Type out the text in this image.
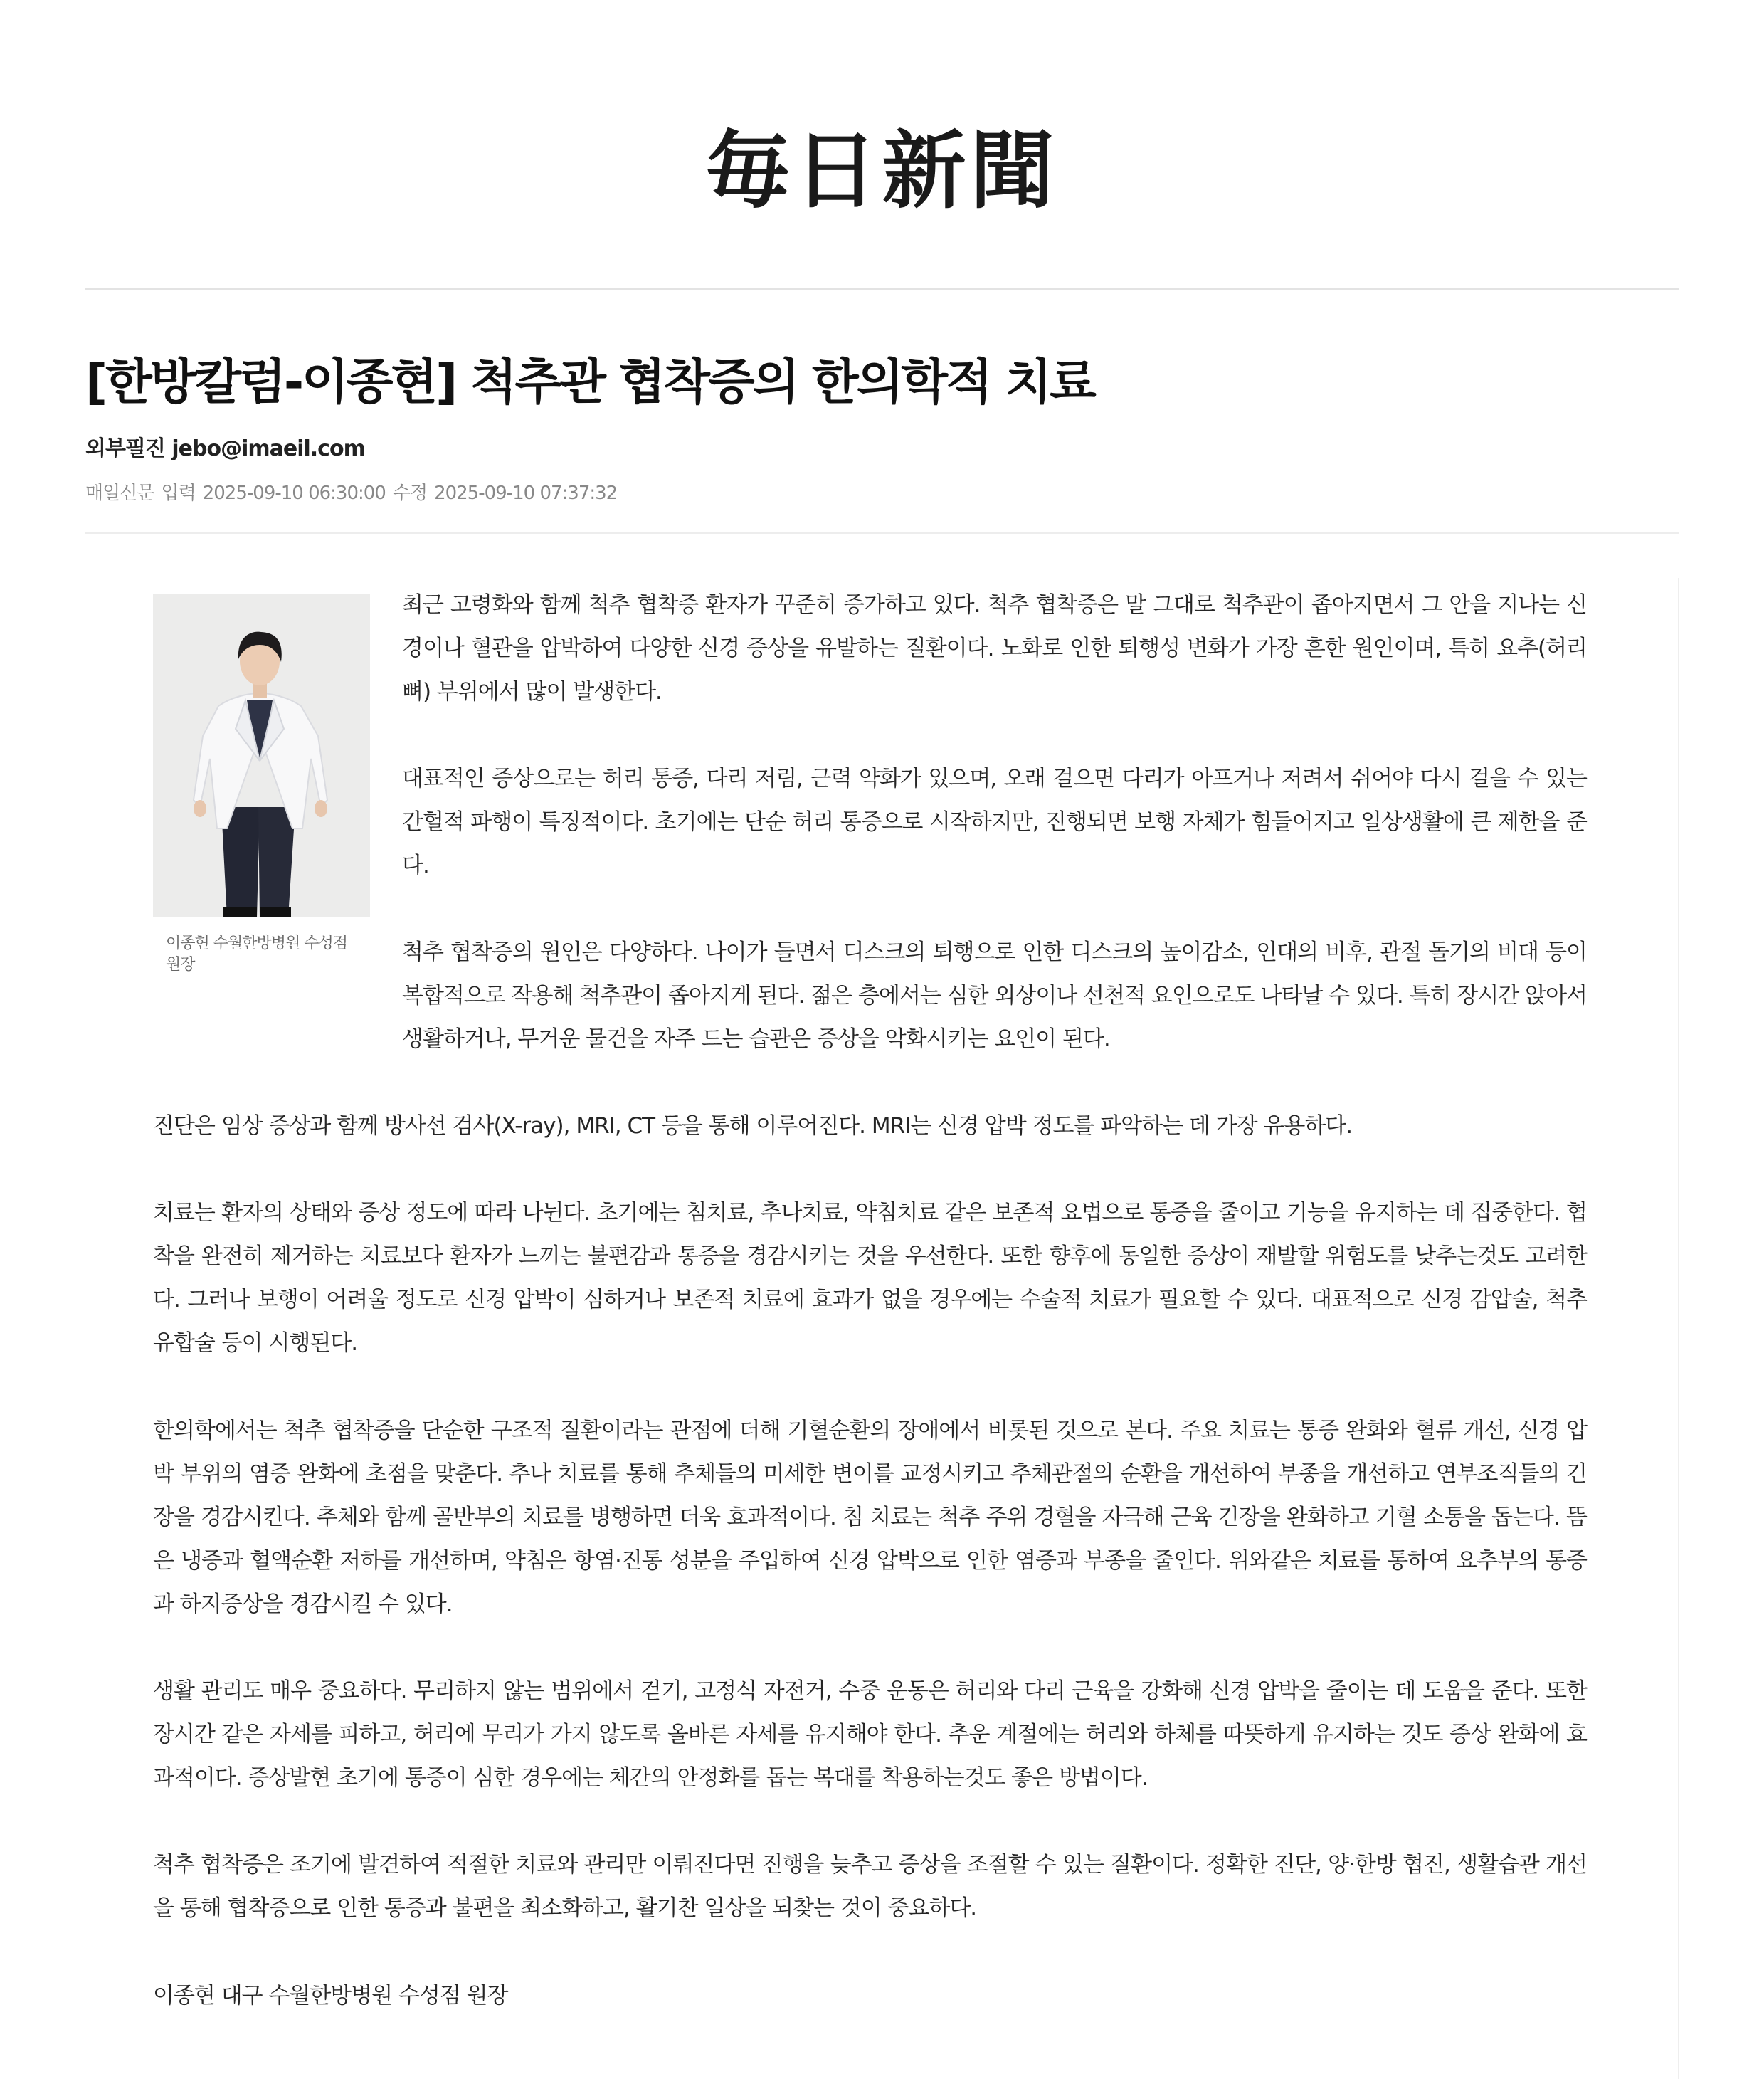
毎日新聞
[한방칼럼-이종현] 척추관 협착증의 한의학적 치료
외부필진 jebo@imaeil.com
매일신문 입력 2025-09-10 06:30:00 수정 2025-09-10 07:37:32
이종현 수월한방병원 수성점 원장

최근 고령화와 함께 척추 협착증 환자가 꾸준히 증가하고 있다. 척추 협착증은 말 그대로 척추관이 좁아지면서 그 안을 지나는 신경이나 혈관을 압박하여 다양한 신경 증상을 유발하는 질환이다. 노화로 인한 퇴행성 변화가 가장 흔한 원인이며, 특히 요추(허리뼈) 부위에서 많이 발생한다.

대표적인 증상으로는 허리 통증, 다리 저림, 근력 약화가 있으며, 오래 걸으면 다리가 아프거나 저려서 쉬어야 다시 걸을 수 있는 간헐적 파행이 특징적이다. 초기에는 단순 허리 통증으로 시작하지만, 진행되면 보행 자체가 힘들어지고 일상생활에 큰 제한을 준다.

척추 협착증의 원인은 다양하다. 나이가 들면서 디스크의 퇴행으로 인한 디스크의 높이감소, 인대의 비후, 관절 돌기의 비대 등이 복합적으로 작용해 척추관이 좁아지게 된다. 젊은 층에서는 심한 외상이나 선천적 요인으로도 나타날 수 있다. 특히 장시간 앉아서 생활하거나, 무거운 물건을 자주 드는 습관은 증상을 악화시키는 요인이 된다.

진단은 임상 증상과 함께 방사선 검사(X-ray), MRI, CT 등을 통해 이루어진다. MRI는 신경 압박 정도를 파악하는 데 가장 유용하다.

치료는 환자의 상태와 증상 정도에 따라 나뉜다. 초기에는 침치료, 추나치료, 약침치료 같은 보존적 요법으로 통증을 줄이고 기능을 유지하는 데 집중한다. 협착을 완전히 제거하는 치료보다 환자가 느끼는 불편감과 통증을 경감시키는 것을 우선한다. 또한 향후에 동일한 증상이 재발할 위험도를 낮추는것도 고려한다. 그러나 보행이 어려울 정도로 신경 압박이 심하거나 보존적 치료에 효과가 없을 경우에는 수술적 치료가 필요할 수 있다. 대표적으로 신경 감압술, 척추 유합술 등이 시행된다.

한의학에서는 척추 협착증을 단순한 구조적 질환이라는 관점에 더해 기혈순환의 장애에서 비롯된 것으로 본다. 주요 치료는 통증 완화와 혈류 개선, 신경 압박 부위의 염증 완화에 초점을 맞춘다. 추나 치료를 통해 추체들의 미세한 변이를 교정시키고 추체관절의 순환을 개선하여 부종을 개선하고 연부조직들의 긴장을 경감시킨다. 추체와 함께 골반부의 치료를 병행하면 더욱 효과적이다. 침 치료는 척추 주위 경혈을 자극해 근육 긴장을 완화하고 기혈 소통을 돕는다. 뜸은 냉증과 혈액순환 저하를 개선하며, 약침은 항염·진통 성분을 주입하여 신경 압박으로 인한 염증과 부종을 줄인다. 위와같은 치료를 통하여 요추부의 통증과 하지증상을 경감시킬 수 있다.

생활 관리도 매우 중요하다. 무리하지 않는 범위에서 걷기, 고정식 자전거, 수중 운동은 허리와 다리 근육을 강화해 신경 압박을 줄이는 데 도움을 준다. 또한 장시간 같은 자세를 피하고, 허리에 무리가 가지 않도록 올바른 자세를 유지해야 한다. 추운 계절에는 허리와 하체를 따뜻하게 유지하는 것도 증상 완화에 효과적이다. 증상발현 초기에 통증이 심한 경우에는 체간의 안정화를 돕는 복대를 착용하는것도 좋은 방법이다.

척추 협착증은 조기에 발견하여 적절한 치료와 관리만 이뤄진다면 진행을 늦추고 증상을 조절할 수 있는 질환이다. 정확한 진단, 양·한방 협진, 생활습관 개선을 통해 협착증으로 인한 통증과 불편을 최소화하고, 활기찬 일상을 되찾는 것이 중요하다.

이종현 대구 수월한방병원 수성점 원장
